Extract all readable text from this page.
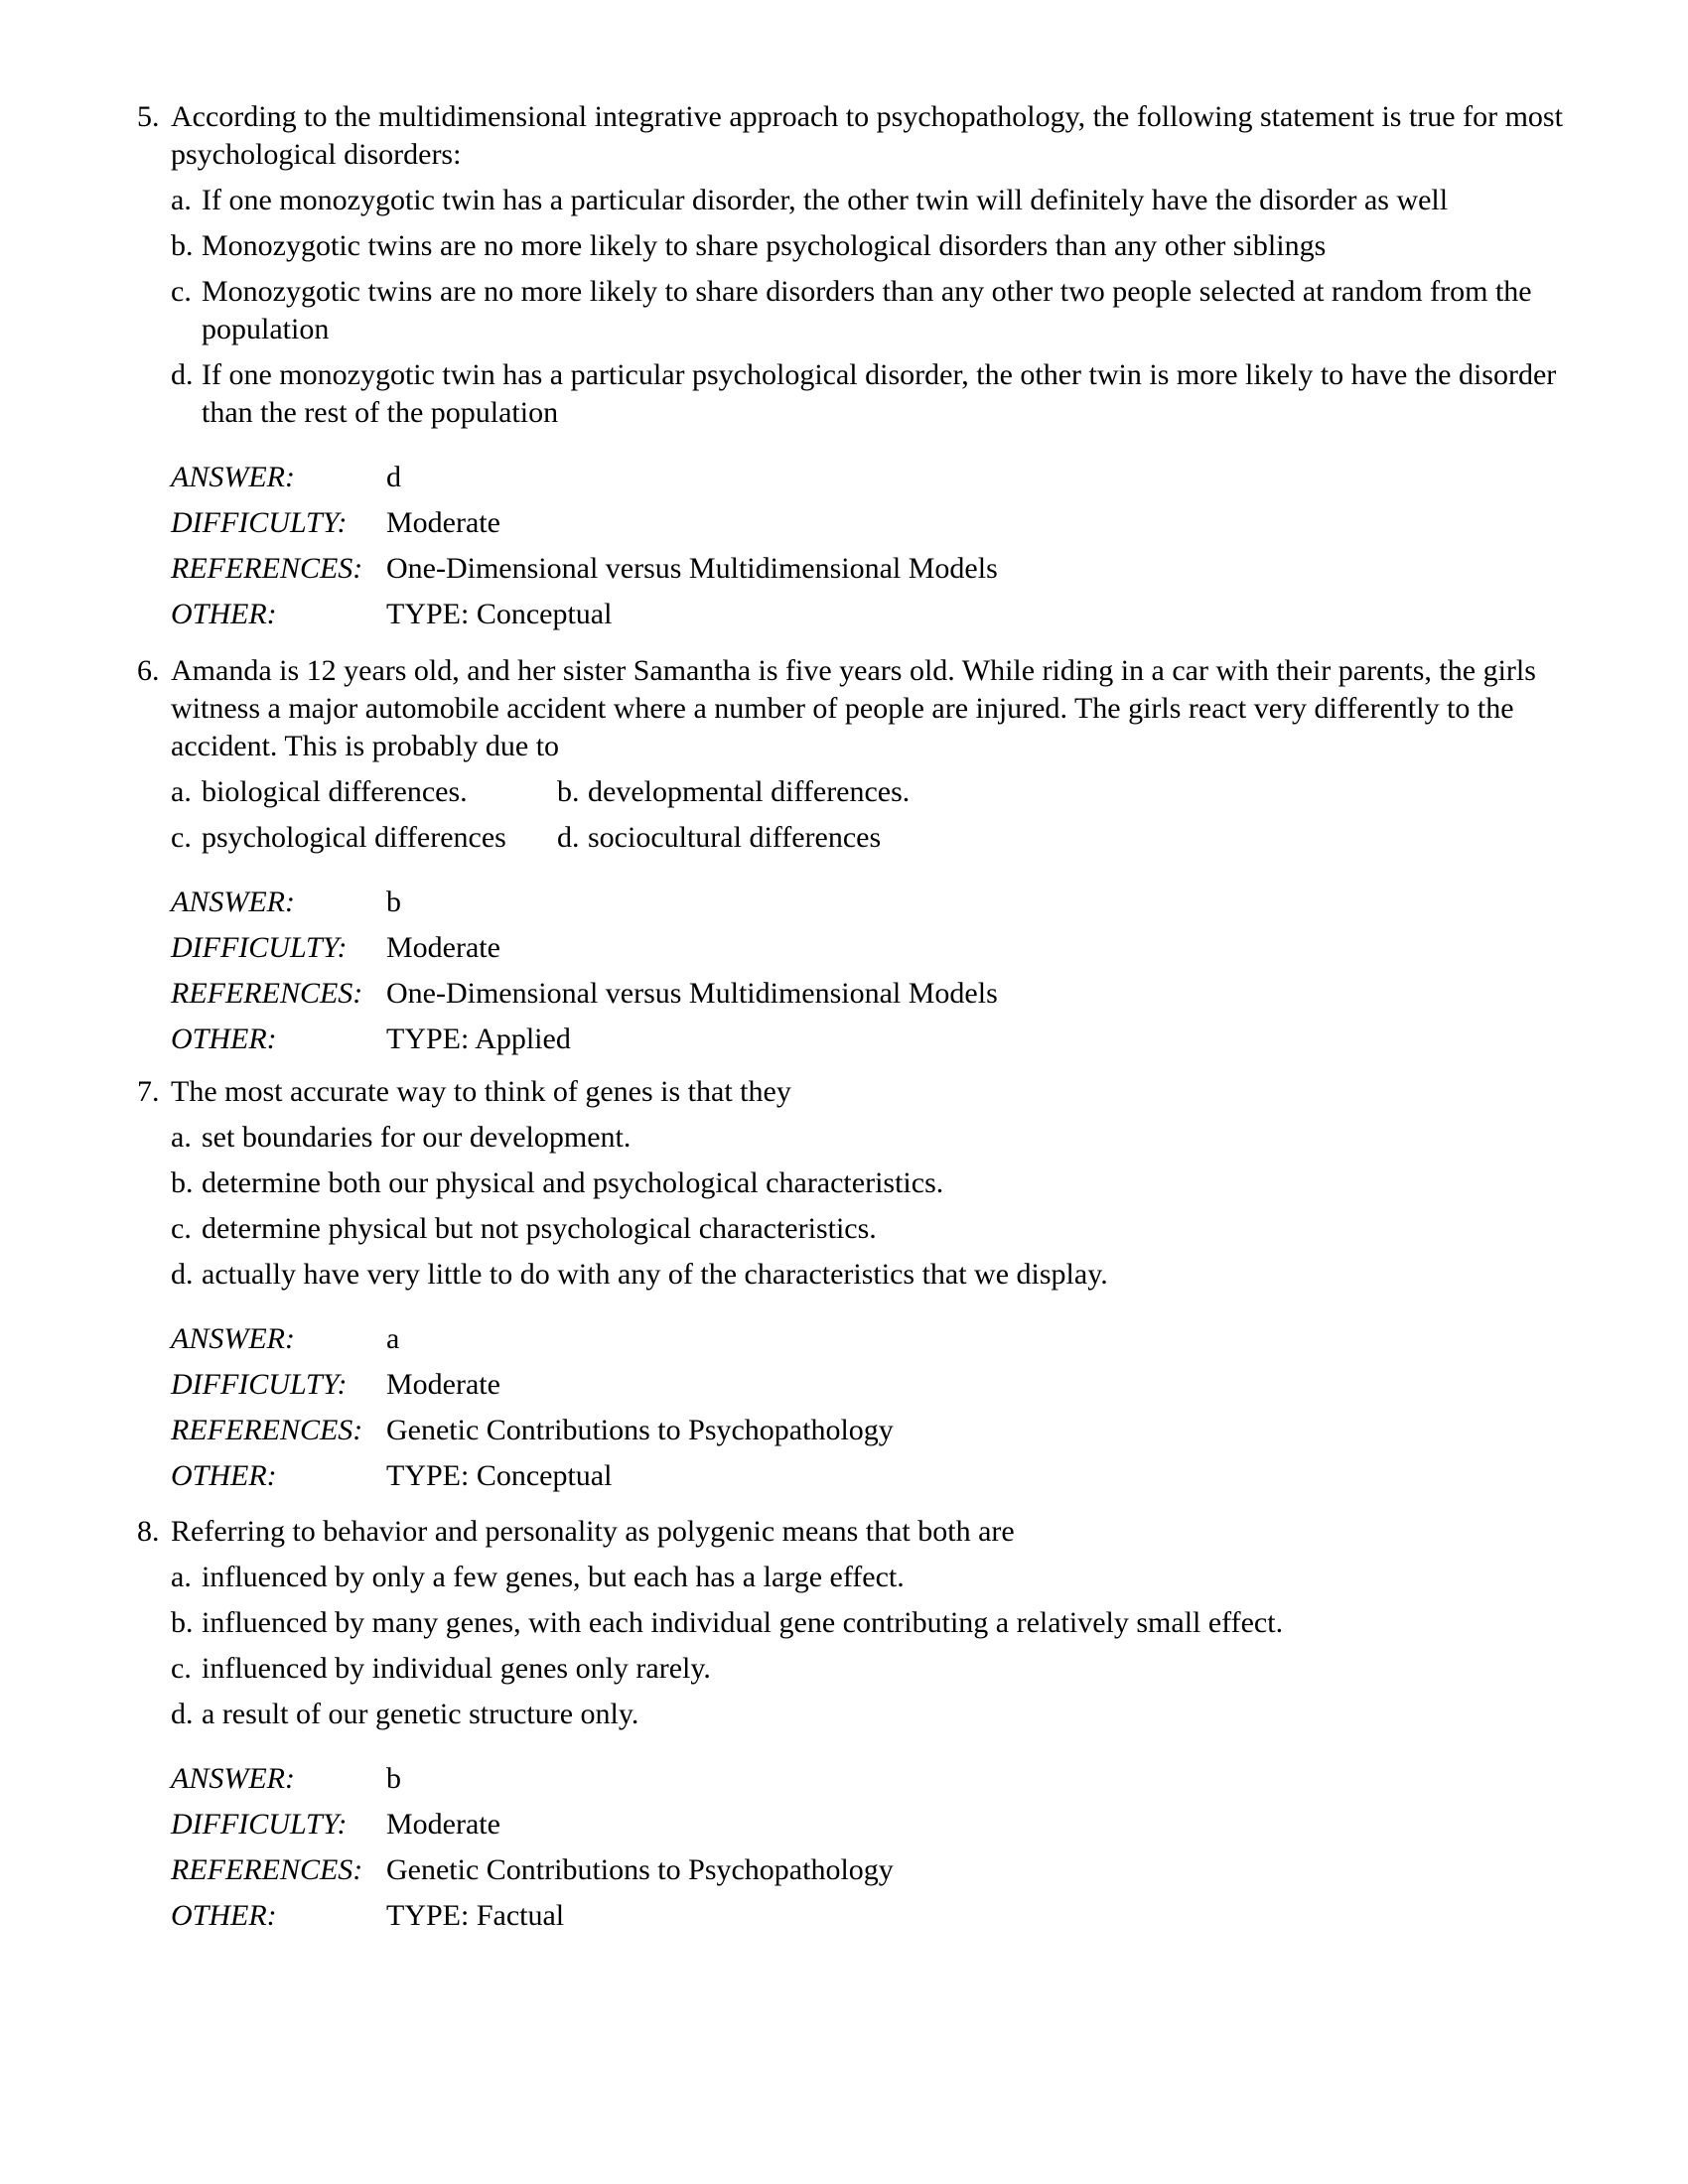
5. According to the multidimensional integrative approach to psychopathology, the following statement is true for most psychological disorders:
a. If one monozygotic twin has a particular disorder, the other twin will definitely have the disorder as well
b. Monozygotic twins are no more likely to share psychological disorders than any other siblings
c. Monozygotic twins are no more likely to share disorders than any other two people selected at random from the population
d. If one monozygotic twin has a particular psychological disorder, the other twin is more likely to have the disorder than the rest of the population
ANSWER:	d
DIFFICULTY:	Moderate
REFERENCES: One-Dimensional versus Multidimensional Models
OTHER:	TYPE: Conceptual
6. Amanda is 12 years old, and her sister Samantha is five years old. While riding in a car with their parents, the girls witness a major automobile accident where a number of people are injured. The girls react very differently to the accident. This is probably due to
a. biological differences.	b. developmental differences.
c. psychological differences	d. sociocultural differences
ANSWER:	b
DIFFICULTY:	Moderate
REFERENCES: One-Dimensional versus Multidimensional Models
OTHER:	TYPE: Applied
7. The most accurate way to think of genes is that they
a. set boundaries for our development.
b. determine both our physical and psychological characteristics.
c. determine physical but not psychological characteristics.
d. actually have very little to do with any of the characteristics that we display.
ANSWER:	a
DIFFICULTY:	Moderate
REFERENCES: Genetic Contributions to Psychopathology
OTHER:	TYPE: Conceptual
8. Referring to behavior and personality as polygenic means that both are
a. influenced by only a few genes, but each has a large effect.
b. influenced by many genes, with each individual gene contributing a relatively small effect.
c. influenced by individual genes only rarely.
d. a result of our genetic structure only.
ANSWER:	b
DIFFICULTY:	Moderate
REFERENCES: Genetic Contributions to Psychopathology
OTHER:	TYPE: Factual
